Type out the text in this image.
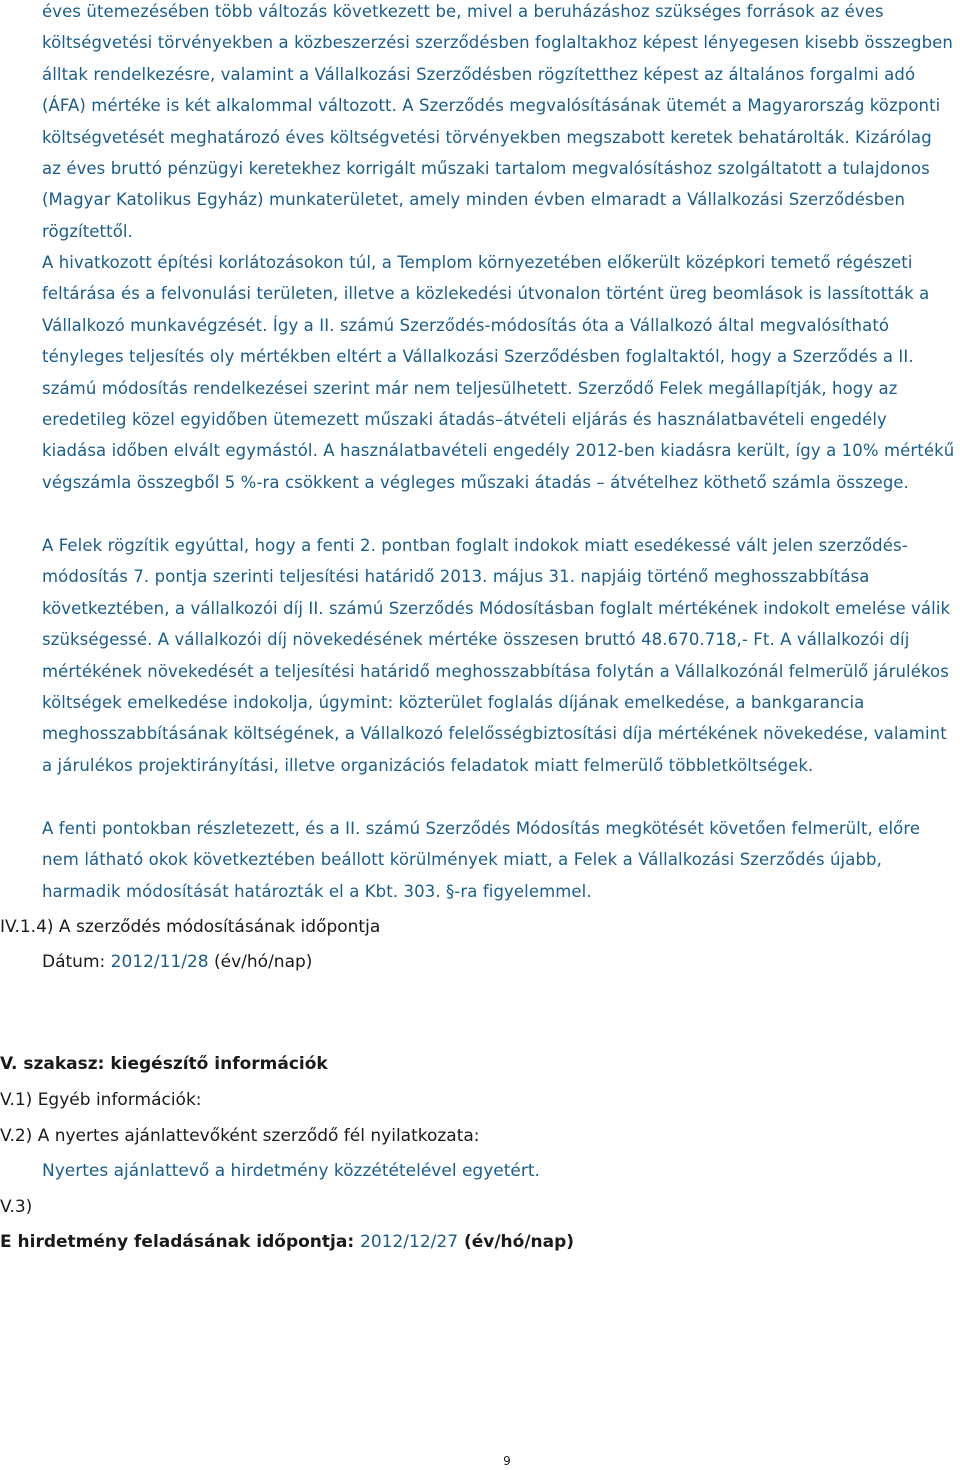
éves ütemezésében több változás következett be, mivel a beruházáshoz szükséges források az éves költségvetési törvényekben a közbeszerzési szerződésben foglaltakhoz képest lényegesen kisebb összegben álltak rendelkezésre, valamint a Vállalkozási Szerződésben rögzítetthez képest az általános forgalmi adó (ÁFA) mértéke is két alkalommal változott. A Szerződés megvalósításának ütemét a Magyarország központi költségvetését meghatározó éves költségvetési törvényekben megszabott keretek behatárolták. Kizárólag az éves bruttó pénzügyi keretekhez korrigált műszaki tartalom megvalósításhoz szolgáltatott a tulajdonos (Magyar Katolikus Egyház) munkaterületet, amely minden évben elmaradt a Vállalkozási Szerződésben rögzítettől.
A hivatkozott építési korlátozásokon túl, a Templom környezetében előkerült középkori temető régészeti feltárása és a felvonulási területen, illetve a közlekedési útvonalon történt üreg beomlások is lassították a Vállalkozó munkavégzését. Így a II. számú Szerződés-módosítás óta a Vállalkozó által megvalósítható tényleges teljesítés oly mértékben eltért a Vállalkozási Szerződésben foglaltaktól, hogy a Szerződés a II. számú módosítás rendelkezései szerint már nem teljesülhetett. Szerződő Felek megállapítják, hogy az eredetileg közel egyidőben ütemezett műszaki átadás–átvételi eljárás és használatbavételi engedély kiadása időben elvált egymástól. A használatbavételi engedély 2012-ben kiadásra került, így a 10% mértékű végszámla összegből 5 %-ra csökkent a végleges műszaki átadás – átvételhez köthető számla összege.
A Felek rögzítik egyúttal, hogy a fenti 2. pontban foglalt indokok miatt esedékessé vált jelen szerződés-módosítás 7. pontja szerinti teljesítési határidő 2013. május 31. napjáig történő meghosszabbítása következtében, a vállalkozói díj II. számú Szerződés Módosításban foglalt mértékének indokolt emelése válik szükségessé. A vállalkozói díj növekedésének mértéke összesen bruttó 48.670.718,- Ft. A vállalkozói díj mértékének növekedését a teljesítési határidő meghosszabbítása folytán a Vállalkozónál felmerülő járulékos költségek emelkedése indokolja, úgymint: közterület foglalás díjának emelkedése, a bankgarancia meghosszabbításának költségének, a Vállalkozó felelősségbiztosítási díja mértékének növekedése, valamint a járulékos projektirányítási, illetve organizációs feladatok miatt felmerülő többletköltségek.
A fenti pontokban részletezett, és a II. számú Szerződés Módosítás megkötését követően felmerült, előre nem látható okok következtében beállott körülmények miatt, a Felek a Vállalkozási Szerződés újabb, harmadik módosítását határozták el a Kbt. 303. §-ra figyelemmel.
IV.1.4) A szerződés módosításának időpontja
Dátum: 2012/11/28 (év/hó/nap)
V. szakasz: kiegészítő információk
V.1) Egyéb információk:
V.2) A nyertes ajánlattevőként szerződő fél nyilatkozata:
Nyertes ajánlattevő a hirdetmény közzétételével egyetért.
V.3)
E hirdetmény feladásának időpontja: 2012/12/27 (év/hó/nap)
9
